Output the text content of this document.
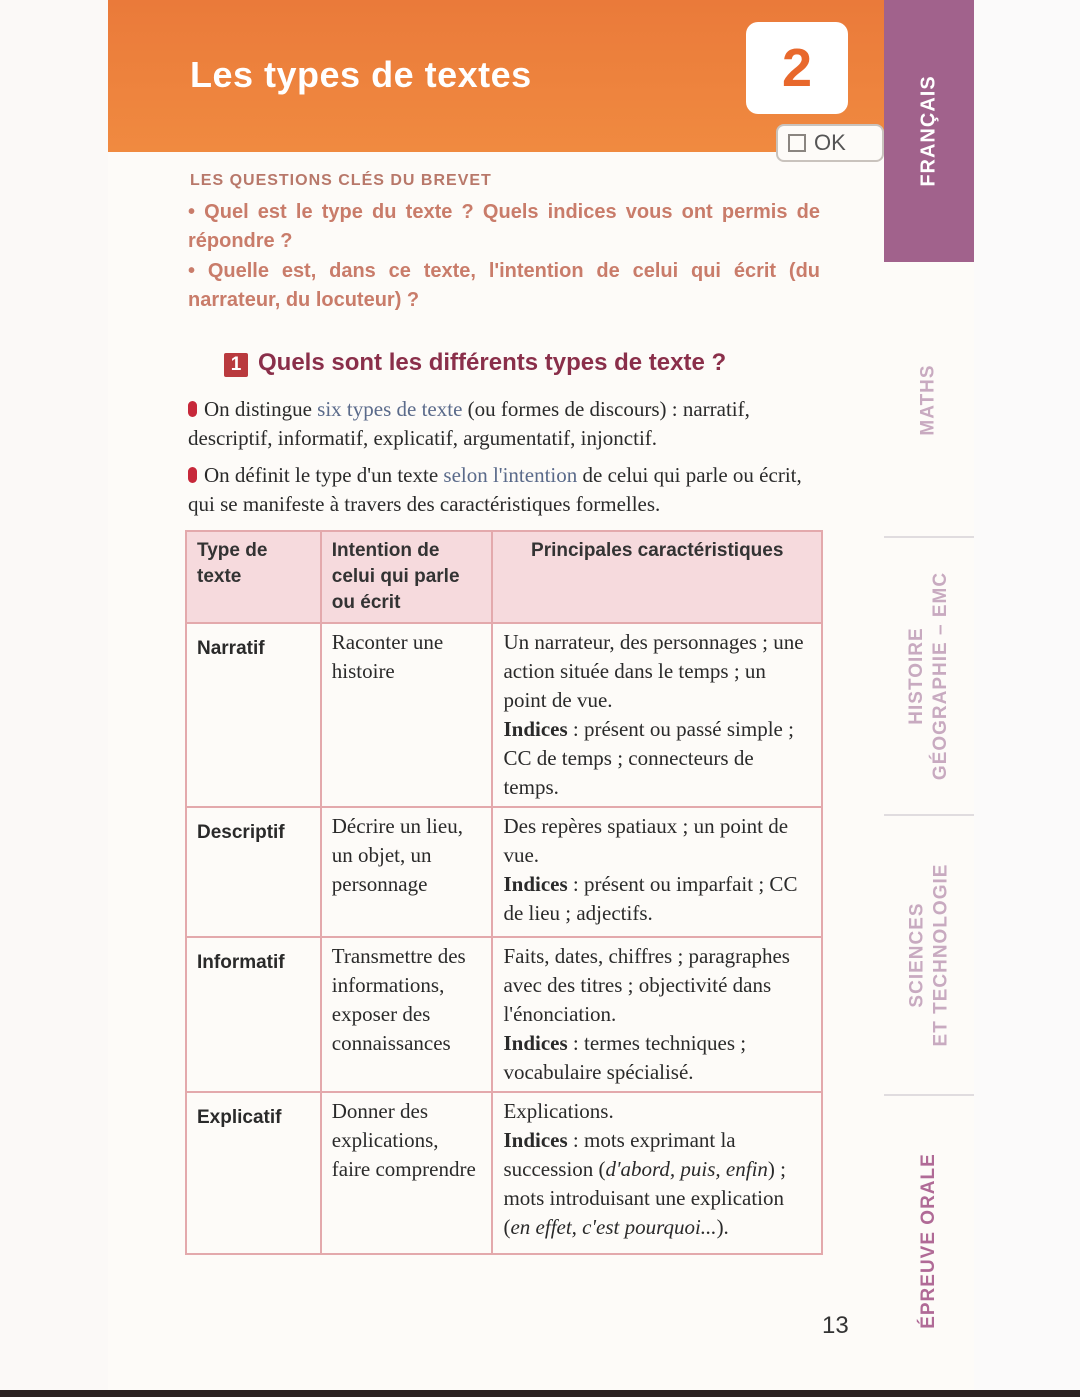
Les types de textes	2
OK
LES QUESTIONS CLÉS DU BREVET
• Quel est le type du texte ? Quels indices vous ont permis de répondre ?
• Quelle est, dans ce texte, l'intention de celui qui écrit (du narrateur, du locuteur) ?
1 Quels sont les différents types de texte ?
On distingue six types de texte (ou formes de discours) : narratif, descriptif, informatif, explicatif, argumentatif, injonctif.
On définit le type d'un texte selon l'intention de celui qui parle ou écrit, qui se manifeste à travers des caractéristiques formelles.
Type de texte	Intention de celui qui parle ou écrit	Principales caractéristiques
Narratif	Raconter une histoire	Un narrateur, des personnages ; une action située dans le temps ; un point de vue.
Indices : présent ou passé simple ; CC de temps ; connecteurs de temps.
Descriptif	Décrire un lieu, un objet, un personnage	Des repères spatiaux ; un point de vue.
Indices : présent ou imparfait ; CC de lieu ; adjectifs.
Informatif	Transmettre des informations, exposer des connaissances	Faits, dates, chiffres ; paragraphes avec des titres ; objectivité dans l'énonciation.
Indices : termes techniques ; vocabulaire spécialisé.
Explicatif	Donner des explications, faire comprendre	Explications.
Indices : mots exprimant la succession (d'abord, puis, enfin) ; mots introduisant une explication (en effet, c'est pourquoi...).
13
FRANÇAIS
MATHS
HISTOIRE GÉOGRAPHIE – EMC
SCIENCES ET TECHNOLOGIE
ÉPREUVE ORALE
